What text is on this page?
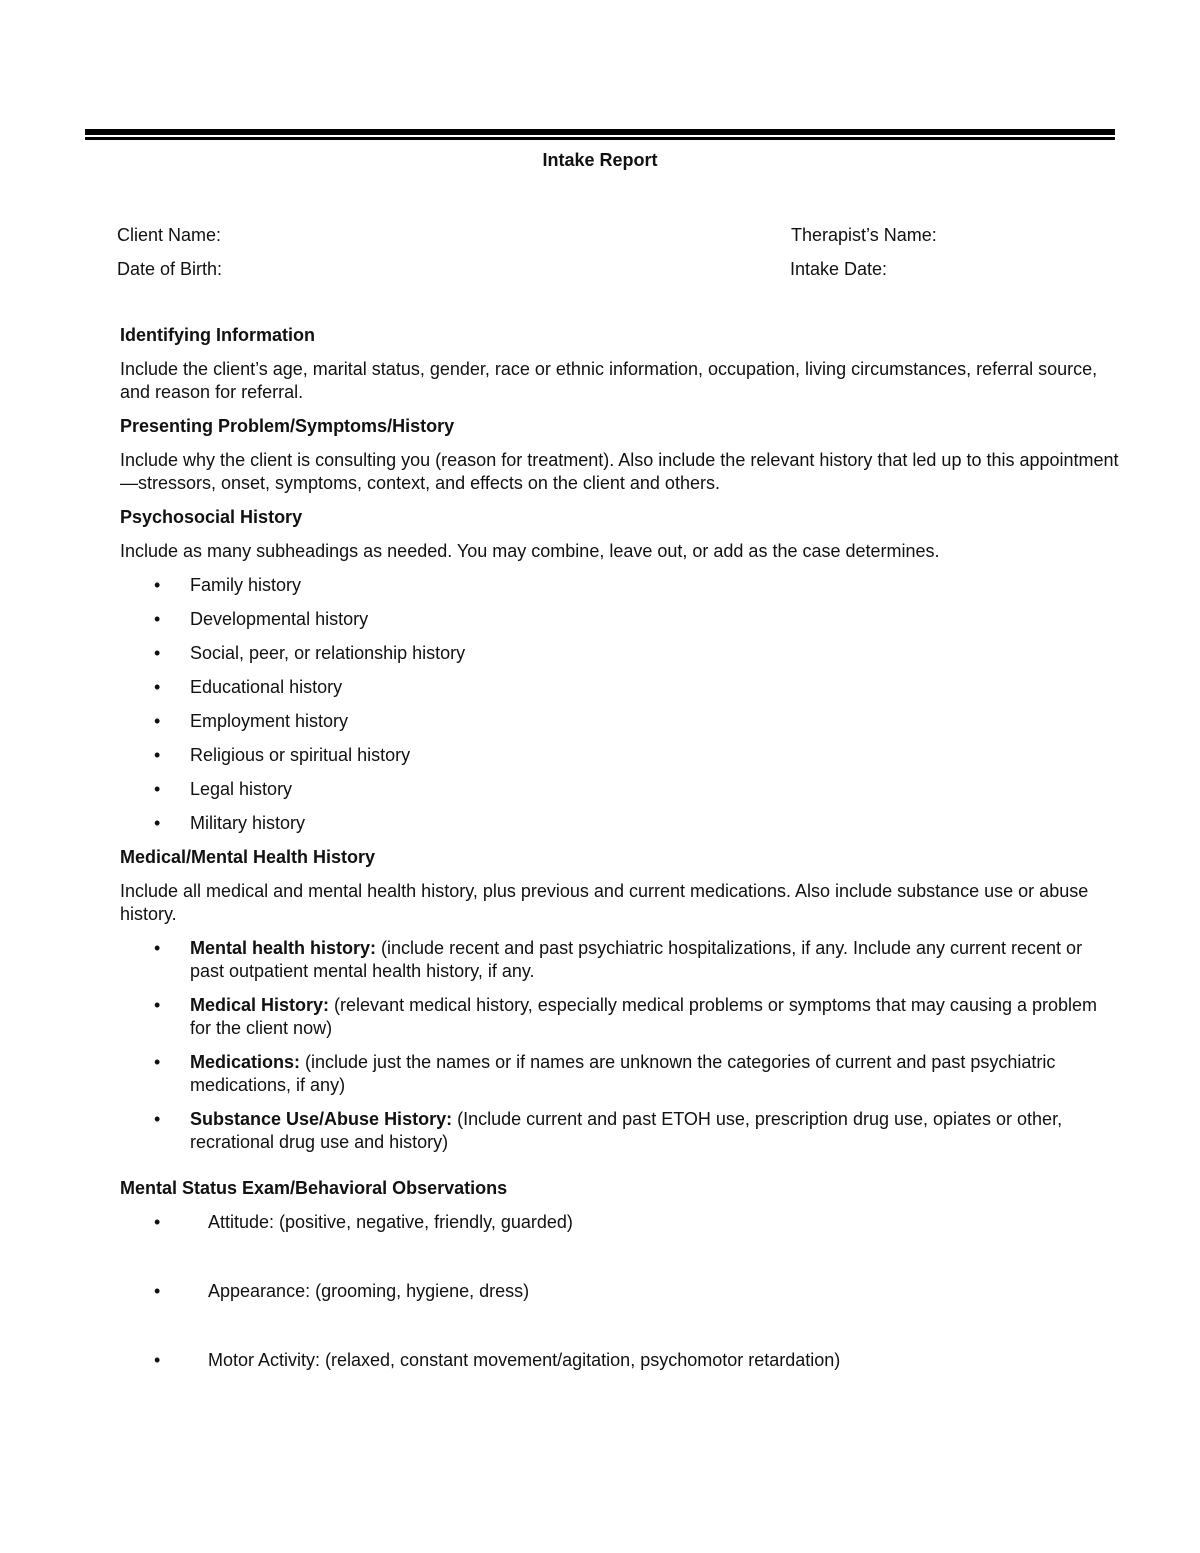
Intake Report
Client Name:	Therapist’s Name:
Date of Birth:	Intake Date:
Identifying Information
Include the client’s age, marital status, gender, race or ethnic information, occupation, living circumstances, referral source, and reason for referral.
Presenting Problem/Symptoms/History
Include why the client is consulting you (reason for treatment). Also include the relevant history that led up to this appointment—stressors, onset, symptoms, context, and effects on the client and others.
Psychosocial History
Include as many subheadings as needed. You may combine, leave out, or add as the case determines.
• Family history
• Developmental history
• Social, peer, or relationship history
• Educational history
• Employment history
• Religious or spiritual history
• Legal history
• Military history
Medical/Mental Health History
Include all medical and mental health history, plus previous and current medications. Also include substance use or abuse history.
• Mental health history: (include recent and past psychiatric hospitalizations, if any. Include any current recent or past outpatient mental health history, if any.
• Medical History: (relevant medical history, especially medical problems or symptoms that may causing a problem for the client now)
• Medications: (include just the names or if names are unknown the categories of current and past psychiatric medications, if any)
• Substance Use/Abuse History: (Include current and past ETOH use, prescription drug use, opiates or other, recrational drug use and history)
Mental Status Exam/Behavioral Observations
•	Attitude: (positive, negative, friendly, guarded)
•	Appearance: (grooming, hygiene, dress)
•	Motor Activity: (relaxed, constant movement/agitation, psychomotor retardation)
